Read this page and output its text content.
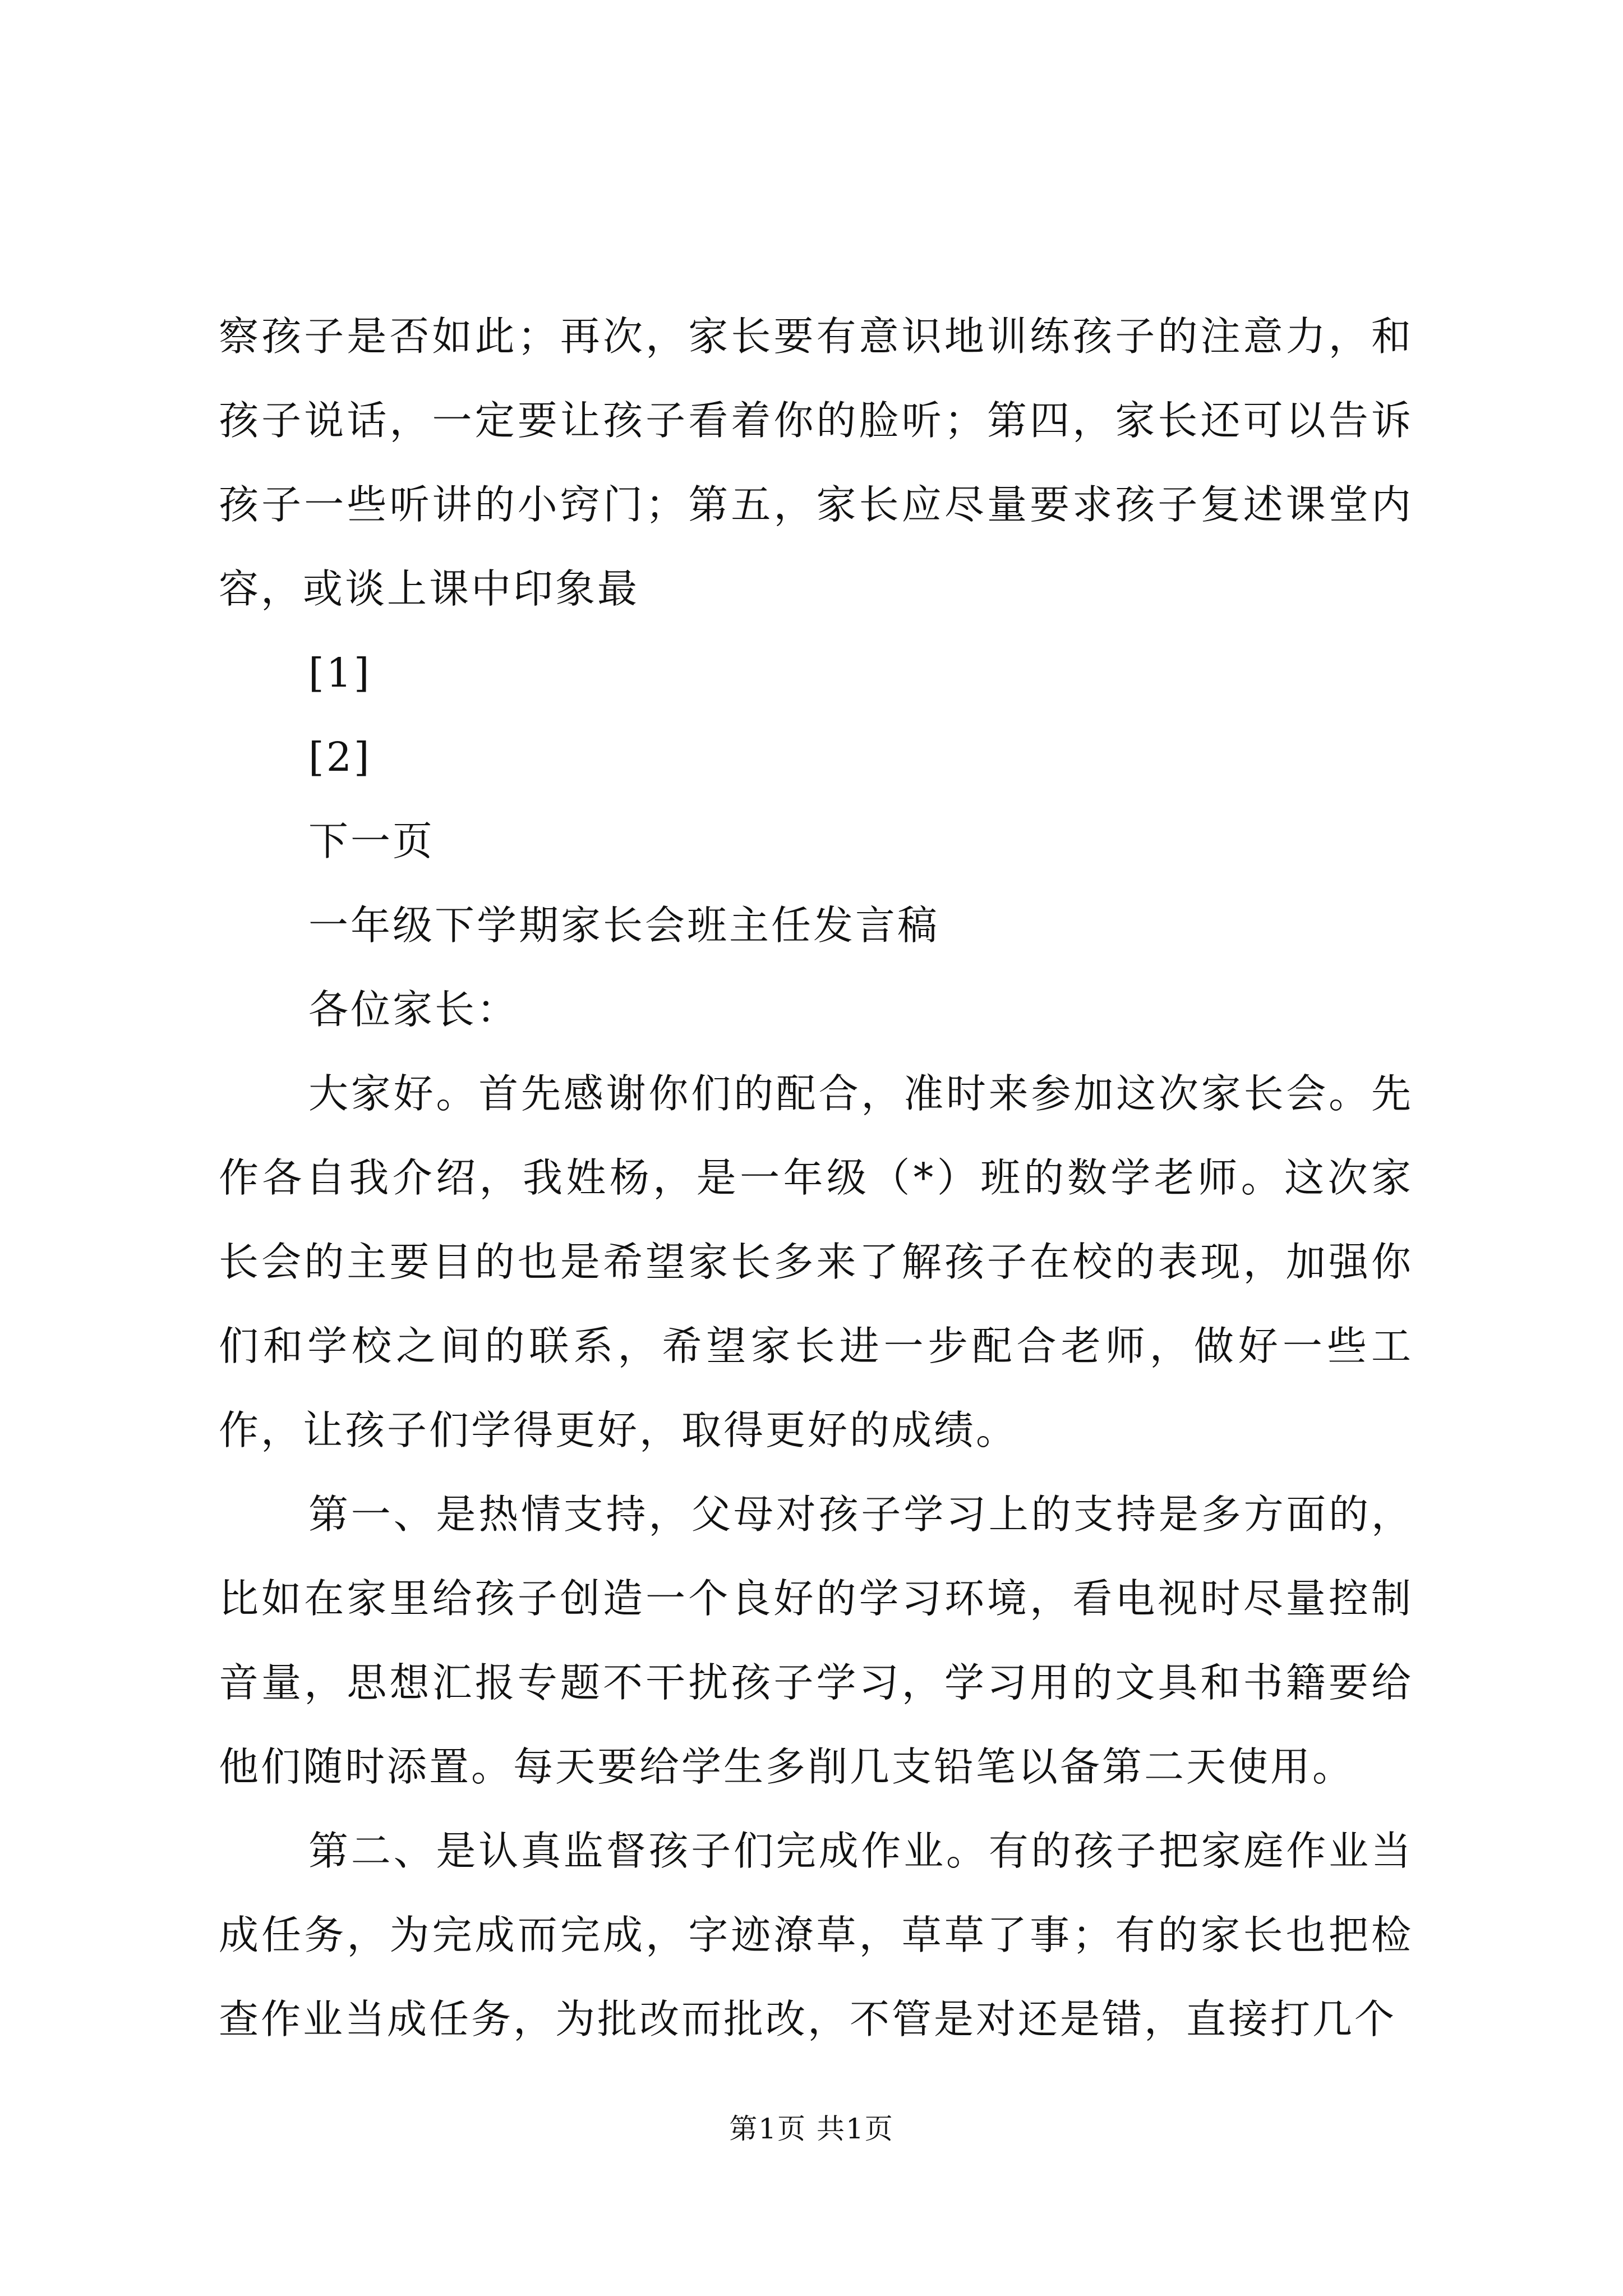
察孩子是否如此；再次，家长要有意识地训练孩子的注意力，和孩子说话，一定要让孩子看着你的脸听；第四，家长还可以告诉孩子一些听讲的小窍门；第五，家长应尽量要求孩子复述课堂内容，或谈上课中印象最

[1]

[2]

下一页

一年级下学期家长会班主任发言稿

各位家长：

大家好。首先感谢你们的配合，准时来参加这次家长会。先作各自我介绍，我姓杨，是一年级（*）班的数学老师。这次家长会的主要目的也是希望家长多来了解孩子在校的表现，加强你们和学校之间的联系，希望家长进一步配合老师，做好一些工作，让孩子们学得更好，取得更好的成绩。

第一、是热情支持，父母对孩子学习上的支持是多方面的，比如在家里给孩子创造一个良好的学习环境，看电视时尽量控制音量，思想汇报专题不干扰孩子学习，学习用的文具和书籍要给他们随时添置。每天要给学生多削几支铅笔以备第二天使用。

第二、是认真监督孩子们完成作业。有的孩子把家庭作业当成任务，为完成而完成，字迹潦草，草草了事；有的家长也把检查作业当成任务，为批改而批改，不管是对还是错，直接打几个

第1页 共1页
